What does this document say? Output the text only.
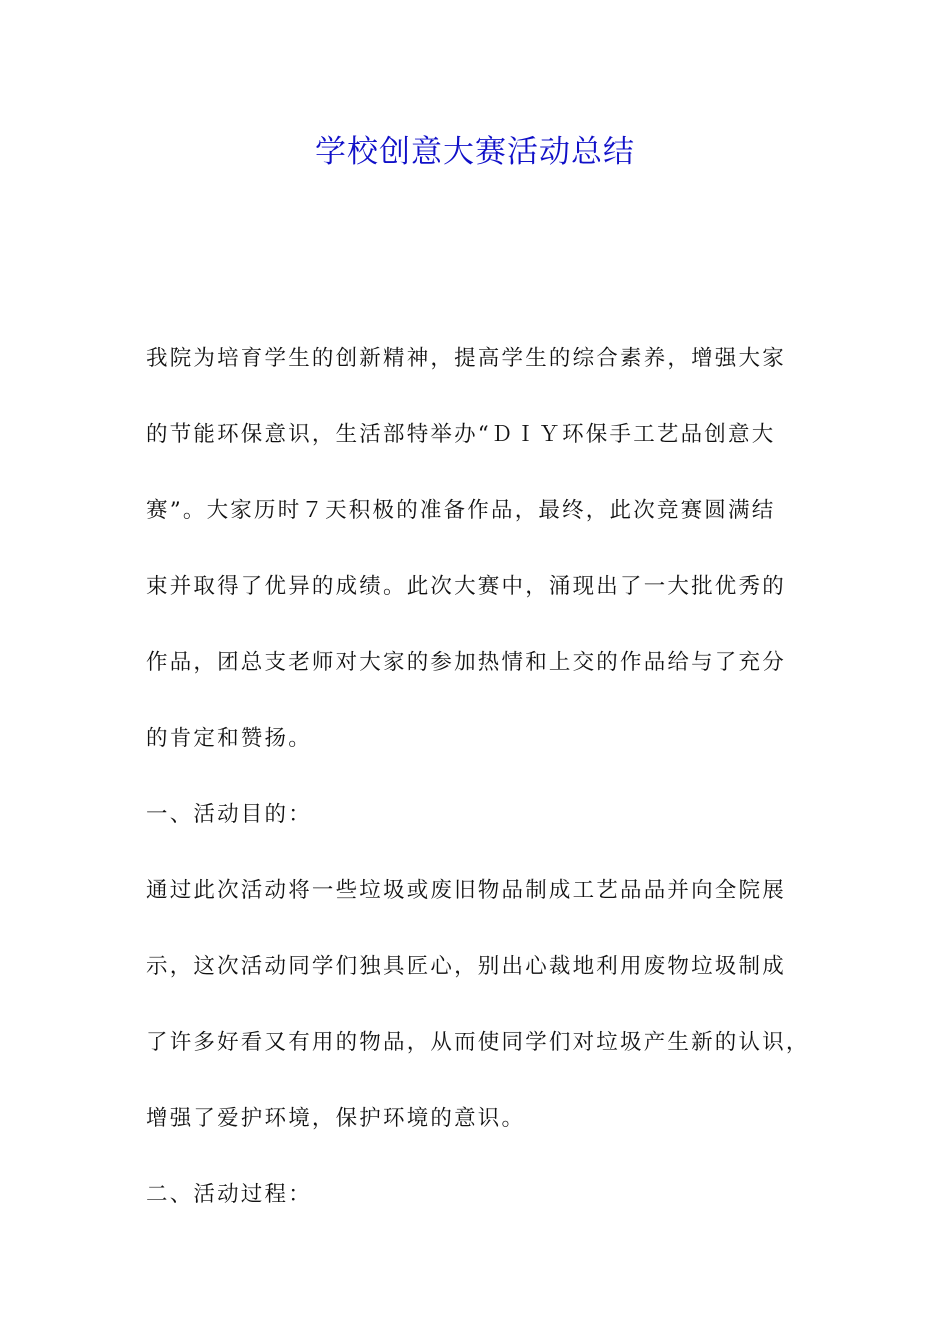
学校创意大赛活动总结
我院为培育学生的创新精神，提高学生的综合素养，增强大家
的节能环保意识，生活部特举办“ＤＩＹ环保手工艺品创意大
赛”。大家历时７天积极的准备作品，最终，此次竞赛圆满结
束并取得了优异的成绩。此次大赛中，涌现出了一大批优秀的
作品，团总支老师对大家的参加热情和上交的作品给与了充分
的肯定和赞扬。
一、活动目的：
通过此次活动将一些垃圾或废旧物品制成工艺品品并向全院展
示，这次活动同学们独具匠心，别出心裁地利用废物垃圾制成
了许多好看又有用的物品，从而使同学们对垃圾产生新的认识，
增强了爱护环境，保护环境的意识。
二、活动过程：
